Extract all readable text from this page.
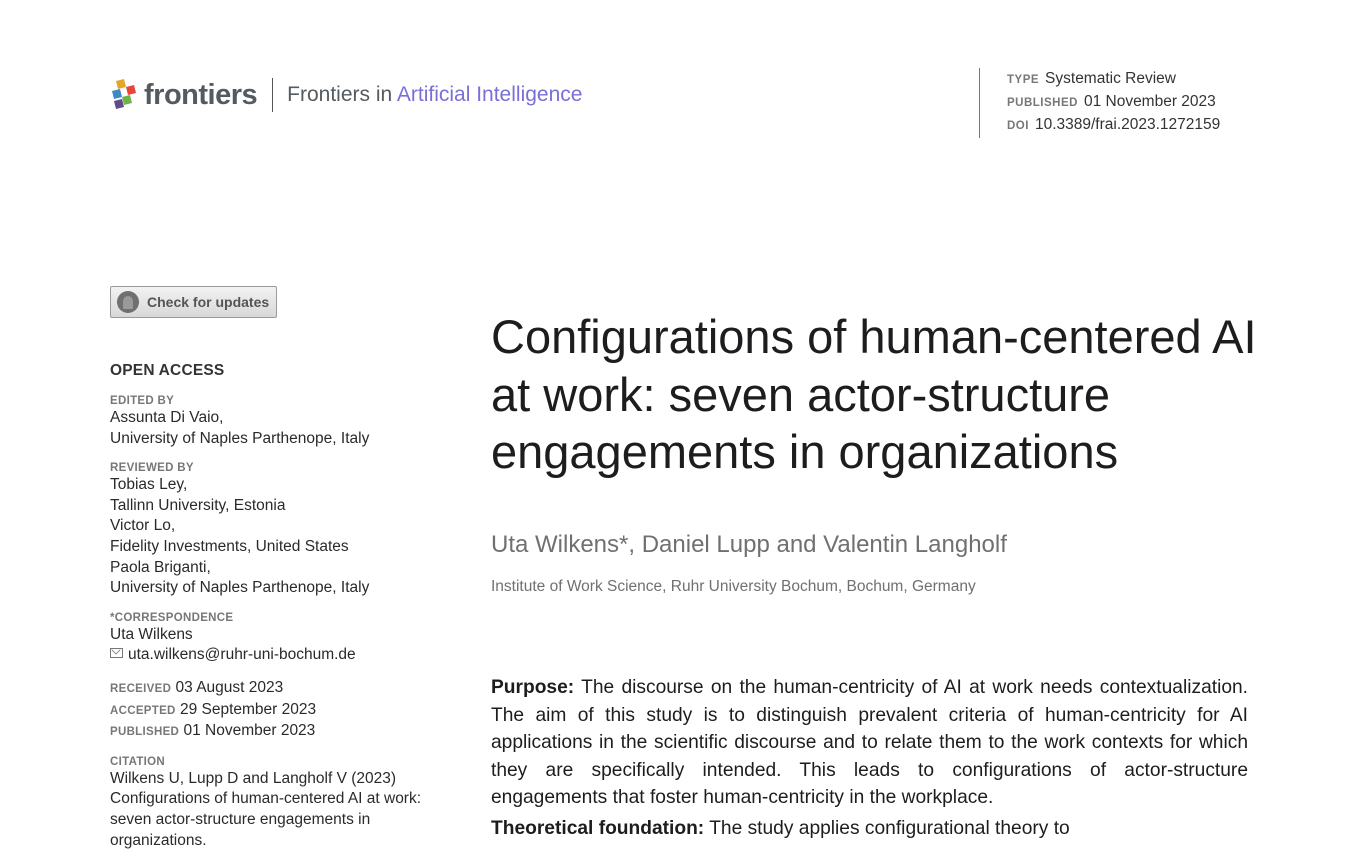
frontiers Frontiers in Artificial Intelligence
TYPE Systematic Review
PUBLISHED 01 November 2023
DOI 10.3389/frai.2023.1272159
Check for updates
OPEN ACCESS
EDITED BY
Assunta Di Vaio,
University of Naples Parthenope, Italy
REVIEWED BY
Tobias Ley,
Tallinn University, Estonia
Victor Lo,
Fidelity Investments, United States
Paola Briganti,
University of Naples Parthenope, Italy
*CORRESPONDENCE
Uta Wilkens
uta.wilkens@ruhr-uni-bochum.de
RECEIVED 03 August 2023
ACCEPTED 29 September 2023
PUBLISHED 01 November 2023
CITATION
Wilkens U, Lupp D and Langholf V (2023)
Configurations of human-centered AI at work:
seven actor-structure engagements in
organizations.
Configurations of human-centered AI at work: seven actor-structure engagements in organizations
Uta Wilkens*, Daniel Lupp and Valentin Langholf
Institute of Work Science, Ruhr University Bochum, Bochum, Germany

Purpose: The discourse on the human-centricity of AI at work needs contextualization. The aim of this study is to distinguish prevalent criteria of human-centricity for AI applications in the scientific discourse and to relate them to the work contexts for which they are specifically intended. This leads to configurations of actor-structure engagements that foster human-centricity in the workplace.

Theoretical foundation: The study applies configurational theory to
